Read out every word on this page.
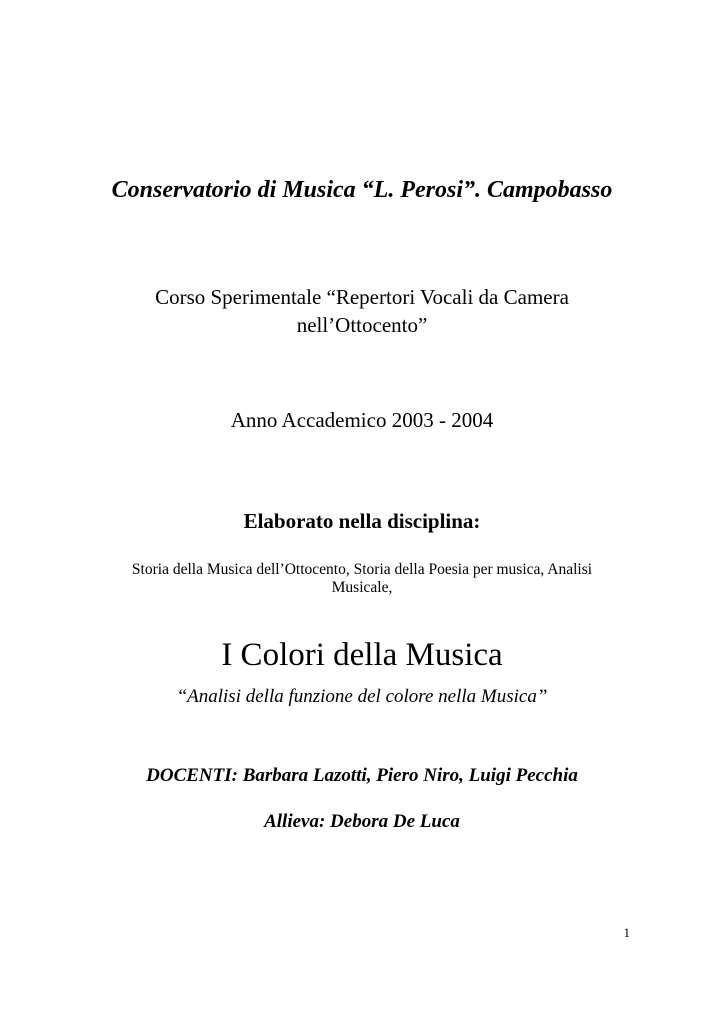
Conservatorio di Musica “L. Perosi”. Campobasso
Corso Sperimentale “Repertori Vocali da Camera
nell’Ottocento”
Anno Accademico 2003 - 2004
Elaborato nella disciplina:
Storia della Musica dell’Ottocento, Storia della Poesia per musica, Analisi
Musicale,
I Colori della Musica
“Analisi della funzione del colore nella Musica”
DOCENTI: Barbara Lazotti, Piero Niro, Luigi Pecchia
Allieva: Debora De Luca
1
